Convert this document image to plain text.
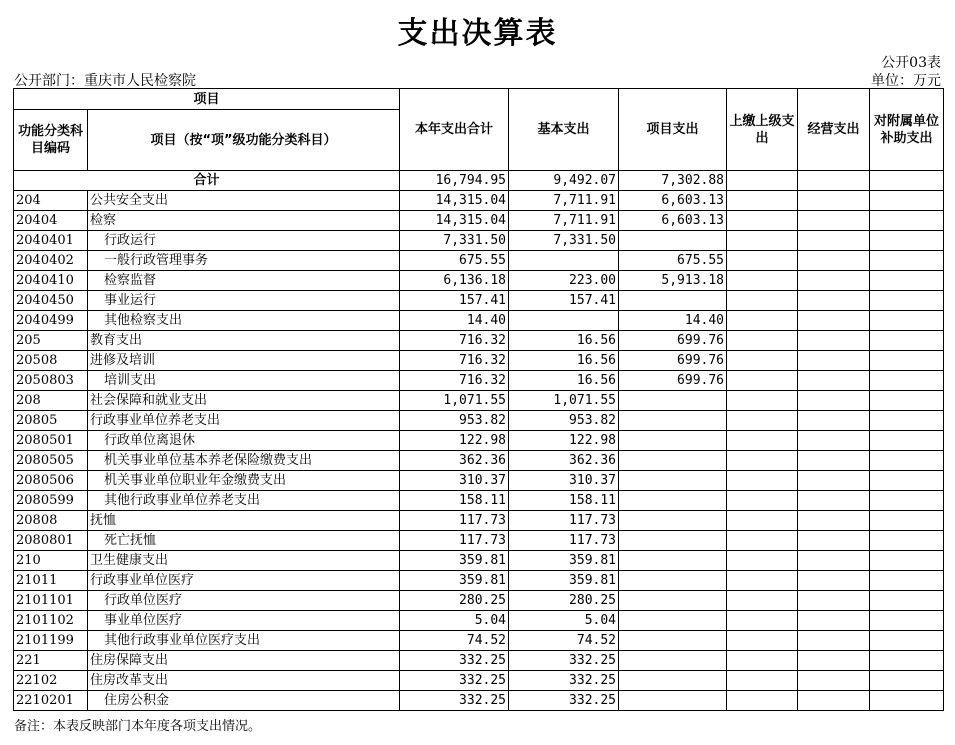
支出决算表
公开03表
公开部门：重庆市人民检察院	单位：万元
项目		本年支出合计	基本支出	项目支出	上缴上级支出	经营支出	对附属单位补助支出
功能分类科目编码	项目（按“项”级功能分类科目）						
合计		16,794.95	9,492.07	7,302.88			
204	公共安全支出	14,315.04	7,711.91	6,603.13			
20404	检察	14,315.04	7,711.91	6,603.13			
2040401	行政运行	7,331.50	7,331.50				
2040402	一般行政管理事务	675.55		675.55			
2040410	检察监督	6,136.18	223.00	5,913.18			
2040450	事业运行	157.41	157.41				
2040499	其他检察支出	14.40		14.40			
205	教育支出	716.32	16.56	699.76			
20508	进修及培训	716.32	16.56	699.76			
2050803	培训支出	716.32	16.56	699.76			
208	社会保障和就业支出	1,071.55	1,071.55				
20805	行政事业单位养老支出	953.82	953.82				
2080501	行政单位离退休	122.98	122.98				
2080505	机关事业单位基本养老保险缴费支出	362.36	362.36				
2080506	机关事业单位职业年金缴费支出	310.37	310.37				
2080599	其他行政事业单位养老支出	158.11	158.11				
20808	抚恤	117.73	117.73				
2080801	死亡抚恤	117.73	117.73				
210	卫生健康支出	359.81	359.81				
21011	行政事业单位医疗	359.81	359.81				
2101101	行政单位医疗	280.25	280.25				
2101102	事业单位医疗	5.04	5.04				
2101199	其他行政事业单位医疗支出	74.52	74.52				
221	住房保障支出	332.25	332.25				
22102	住房改革支出	332.25	332.25				
2210201	住房公积金	332.25	332.25				
备注：本表反映部门本年度各项支出情况。
